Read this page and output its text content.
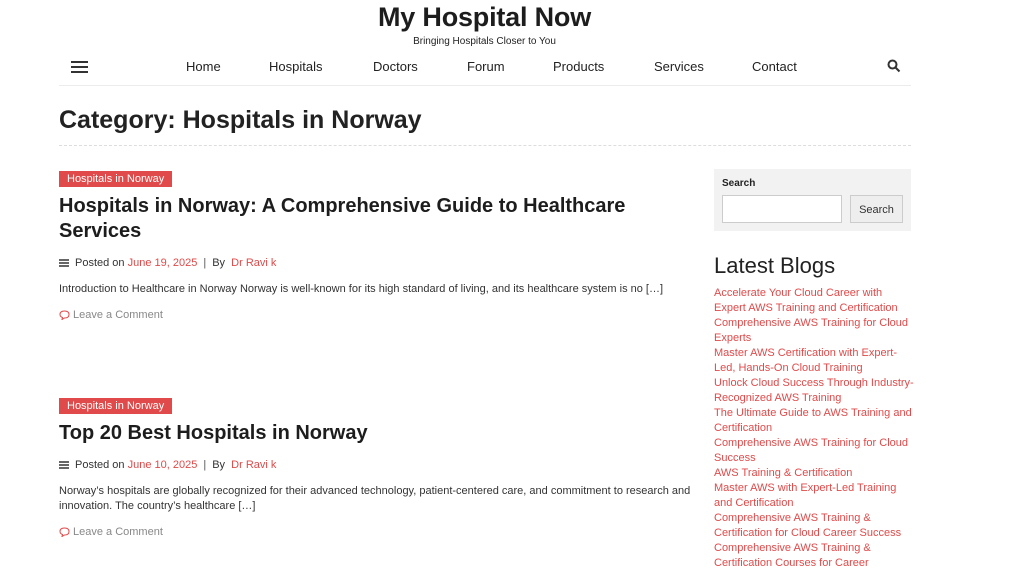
My Hospital Now
Bringing Hospitals Closer to You
Home	Hospitals	Doctors	Forum	Products	Services	Contact
Category: Hospitals in Norway
Hospitals in Norway
Hospitals in Norway: A Comprehensive Guide to Healthcare Services
Posted on
June 19, 2025 | By
Dr Ravi k
Introduction to Healthcare in Norway Norway is well-known for its high standard of living, and its healthcare system is no […]
Leave a Comment
Hospitals in Norway
Top 20 Best Hospitals in Norway
Posted on
June 10, 2025 | By
Dr Ravi k
Norway’s hospitals are globally recognized for their advanced technology, patient-centered care, and commitment to research and innovation. The country’s healthcare […]
Leave a Comment
Search
Search
Latest Blogs
Accelerate Your Cloud Career with Expert AWS Training and Certification
Comprehensive AWS Training for Cloud Experts
Master AWS Certification with Expert-Led, Hands-On Cloud Training
Unlock Cloud Success Through Industry-Recognized AWS Training
The Ultimate Guide to AWS Training and Certification
Comprehensive AWS Training for Cloud Success
AWS Training & Certification
Master AWS with Expert-Led Training and Certification
Comprehensive AWS Training & Certification for Cloud Career Success
Comprehensive AWS Training & Certification Courses for Career
